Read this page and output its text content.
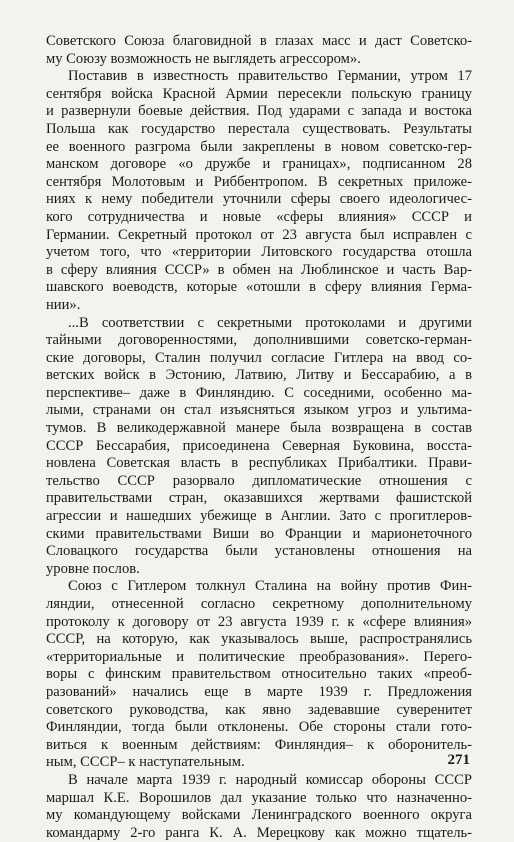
Советского Союза благовидной в глазах масс и даст Советско-
му Союзу возможность не выглядеть агрессором».
Поставив в известность правительство Германии, утром 17
сентября войска Красной Армии пересекли польскую границу
и развернули боевые действия. Под ударами с запада и востока
Польша как государство перестала существовать. Результаты
ее военного разгрома были закреплены в новом советско-гер-
манском договоре «о дружбе и границах», подписанном 28
сентября Молотовым и Риббентропом. В секретных приложе-
ниях к нему победители уточнили сферы своего идеологичес-
кого сотрудничества и новые «сферы влияния» СССР и
Германии. Секретный протокол от 23 августа был исправлен с
учетом того, что «территории Литовского государства отошла
в сферу влияния СССР» в обмен на Люблинское и часть Вар-
шавского воеводств, которые «отошли в сферу влияния Герма-
нии».
...В соответствии с секретными протоколами и другими
тайными договоренностями, дополнившими советско-герман-
ские договоры, Сталин получил согласие Гитлера на ввод со-
ветских войск в Эстонию, Латвию, Литву и Бессарабию, а в
перспективе– даже в Финляндию. С соседними, особенно ма-
лыми, странами он стал изъясняться языком угроз и ультима-
тумов. В великодержавной манере была возвращена в состав
СССР Бессарабия, присоединена Северная Буковина, восста-
новлена Советская власть в республиках Прибалтики. Прави-
тельство СССР разорвало дипломатические отношения с
правительствами стран, оказавшихся жертвами фашистской
агрессии и нашедших убежище в Англии. Зато с прогитлеров-
скими правительствами Виши во Франции и марионеточного
Словацкого государства были установлены отношения на
уровне послов.
Союз с Гитлером толкнул Сталина на войну против Фин-
ляндии, отнесенной согласно секретному дополнительному
протоколу к договору от 23 августа 1939 г. к «сфере влияния»
СССР, на которую, как указывалось выше, распространялись
«территориальные и политические преобразования». Перего-
воры с финским правительством относительно таких «преоб-
разований» начались еще в марте 1939 г. Предложения
советского руководства, как явно задевавшие суверенитет
Финляндии, тогда были отклонены. Обе стороны стали гото-
виться к военным действиям: Финляндия– к оборонитель-
ным, СССР– к наступательным.
В начале марта 1939 г. народный комиссар обороны СССР
маршал К.Е. Ворошилов дал указание только что назначенно-
му командующему войсками Ленинградского военного округа
командарму 2-го ранга К. А. Мерецкову как можно тщатель-
271
